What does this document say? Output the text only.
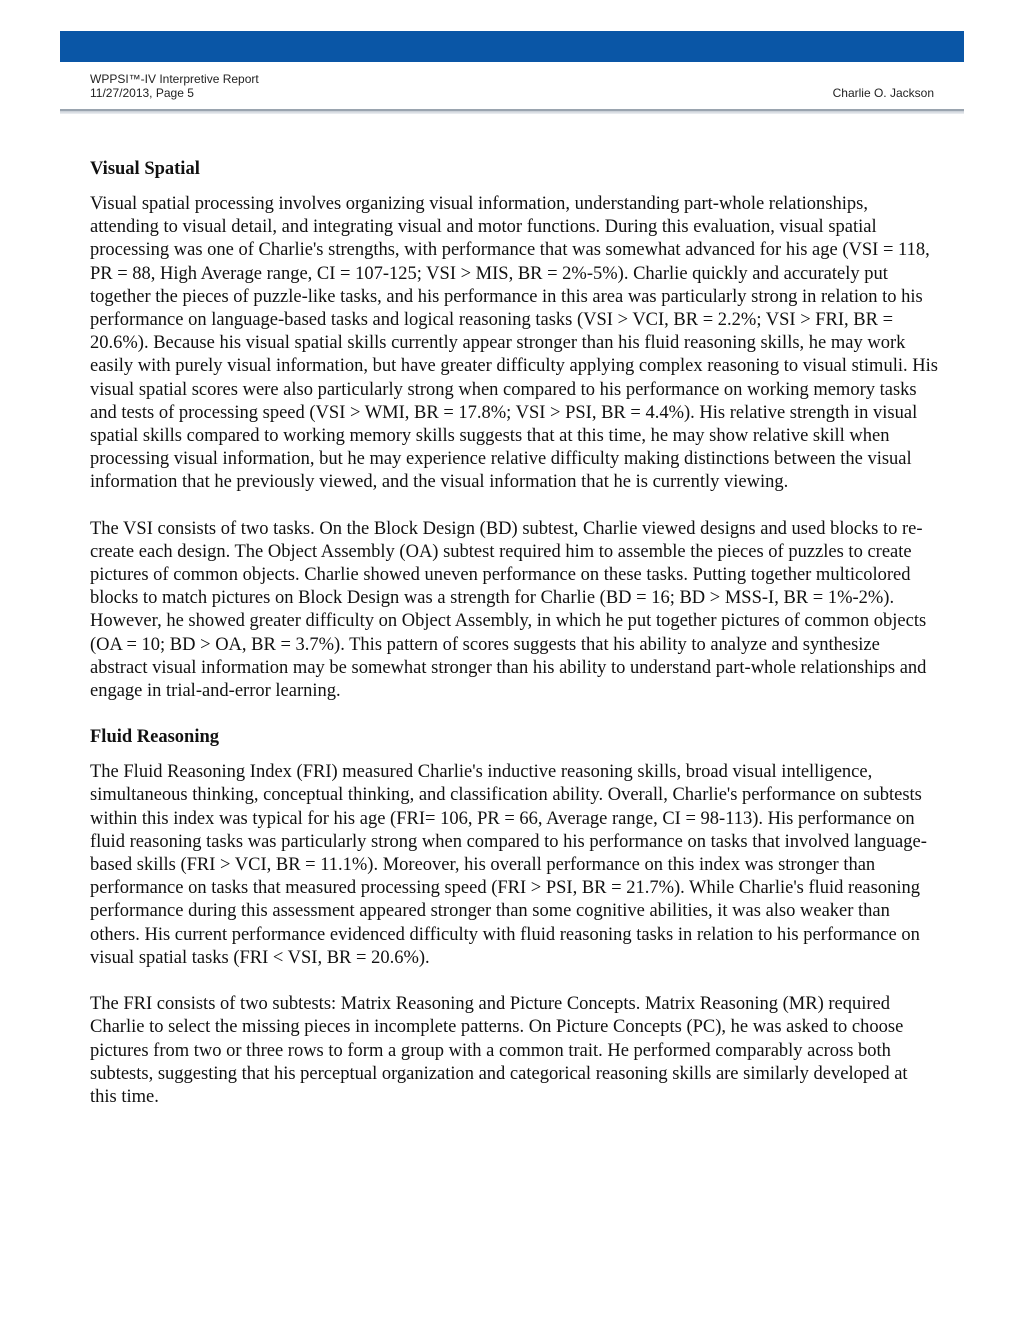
WPPSI™-IV Interpretive Report
11/27/2013, Page 5	Charlie O. Jackson
Visual Spatial

Visual spatial processing involves organizing visual information, understanding part-whole relationships, attending to visual detail, and integrating visual and motor functions. During this evaluation, visual spatial processing was one of Charlie's strengths, with performance that was somewhat advanced for his age (VSI = 118, PR = 88, High Average range, CI = 107-125; VSI > MIS, BR = 2%-5%). Charlie quickly and accurately put together the pieces of puzzle-like tasks, and his performance in this area was particularly strong in relation to his performance on language-based tasks and logical reasoning tasks (VSI > VCI, BR = 2.2%; VSI > FRI, BR = 20.6%). Because his visual spatial skills currently appear stronger than his fluid reasoning skills, he may work easily with purely visual information, but have greater difficulty applying complex reasoning to visual stimuli. His visual spatial scores were also particularly strong when compared to his performance on working memory tasks and tests of processing speed (VSI > WMI, BR = 17.8%; VSI > PSI, BR = 4.4%). His relative strength in visual spatial skills compared to working memory skills suggests that at this time, he may show relative skill when processing visual information, but he may experience relative difficulty making distinctions between the visual information that he previously viewed, and the visual information that he is currently viewing.

The VSI consists of two tasks. On the Block Design (BD) subtest, Charlie viewed designs and used blocks to re-create each design. The Object Assembly (OA) subtest required him to assemble the pieces of puzzles to create pictures of common objects. Charlie showed uneven performance on these tasks. Putting together multicolored blocks to match pictures on Block Design was a strength for Charlie (BD = 16; BD > MSS-I, BR = 1%-2%). However, he showed greater difficulty on Object Assembly, in which he put together pictures of common objects (OA = 10; BD > OA, BR = 3.7%). This pattern of scores suggests that his ability to analyze and synthesize abstract visual information may be somewhat stronger than his ability to understand part-whole relationships and engage in trial-and-error learning.

Fluid Reasoning

The Fluid Reasoning Index (FRI) measured Charlie's inductive reasoning skills, broad visual intelligence, simultaneous thinking, conceptual thinking, and classification ability. Overall, Charlie's performance on subtests within this index was typical for his age (FRI= 106, PR = 66, Average range, CI = 98-113). His performance on fluid reasoning tasks was particularly strong when compared to his performance on tasks that involved language-based skills (FRI > VCI, BR = 11.1%). Moreover, his overall performance on this index was stronger than performance on tasks that measured processing speed (FRI > PSI, BR = 21.7%). While Charlie's fluid reasoning performance during this assessment appeared stronger than some cognitive abilities, it was also weaker than others. His current performance evidenced difficulty with fluid reasoning tasks in relation to his performance on visual spatial tasks (FRI < VSI, BR = 20.6%).

The FRI consists of two subtests: Matrix Reasoning and Picture Concepts. Matrix Reasoning (MR) required Charlie to select the missing pieces in incomplete patterns. On Picture Concepts (PC), he was asked to choose pictures from two or three rows to form a group with a common trait. He performed comparably across both subtests, suggesting that his perceptual organization and categorical reasoning skills are similarly developed at this time.
